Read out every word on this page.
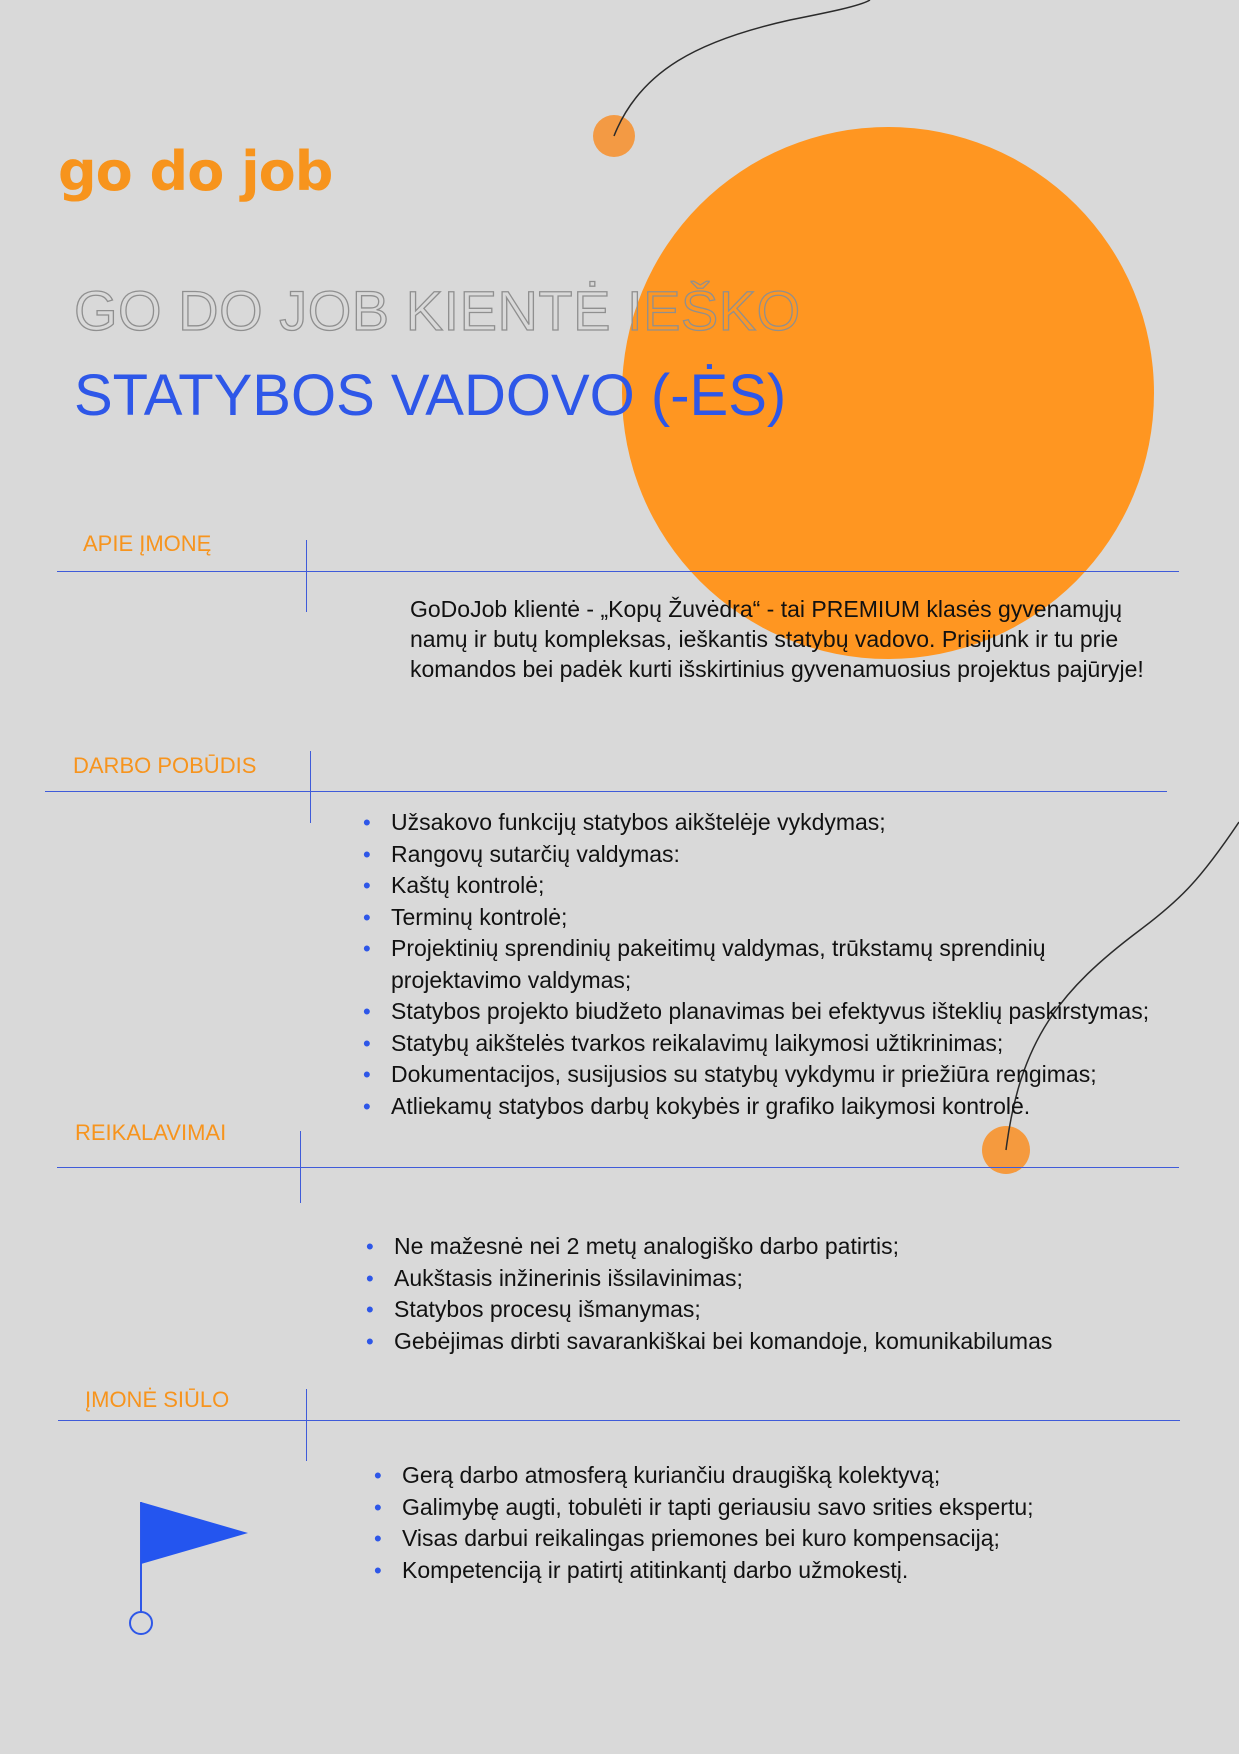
go do job
GO DO JOB KIENTĖ IEŠKO
STATYBOS VADOVO (-ĖS)
APIE ĮMONĘ
GoDoJob klientė - „Kopų Žuvėdra“ - tai PREMIUM klasės gyvenamųjų namų ir butų kompleksas, ieškantis statybų vadovo. Prisijunk ir tu prie komandos bei padėk kurti išskirtinius gyvenamuosius projektus pajūryje!
DARBO POBŪDIS
• Užsakovo funkcijų statybos aikštelėje vykdymas;
• Rangovų sutarčių valdymas:
• Kaštų kontrolė;
• Terminų kontrolė;
• Projektinių sprendinių pakeitimų valdymas, trūkstamų sprendinių projektavimo valdymas;
• Statybos projekto biudžeto planavimas bei efektyvus išteklių paskirstymas;
• Statybų aikštelės tvarkos reikalavimų laikymosi užtikrinimas;
• Dokumentacijos, susijusios su statybų vykdymu ir priežiūra rengimas;
• Atliekamų statybos darbų kokybės ir grafiko laikymosi kontrolė.
REIKALAVIMAI
• Ne mažesnė nei 2 metų analogiško darbo patirtis;
• Aukštasis inžinerinis išsilavinimas;
• Statybos procesų išmanymas;
• Gebėjimas dirbti savarankiškai bei komandoje, komunikabilumas
ĮMONĖ SIŪLO
• Gerą darbo atmosferą kuriančiu draugišką kolektyvą;
• Galimybę augti, tobulėti ir tapti geriausiu savo srities ekspertu;
• Visas darbui reikalingas priemones bei kuro kompensaciją;
• Kompetenciją ir patirtį atitinkantį darbo užmokestį.
